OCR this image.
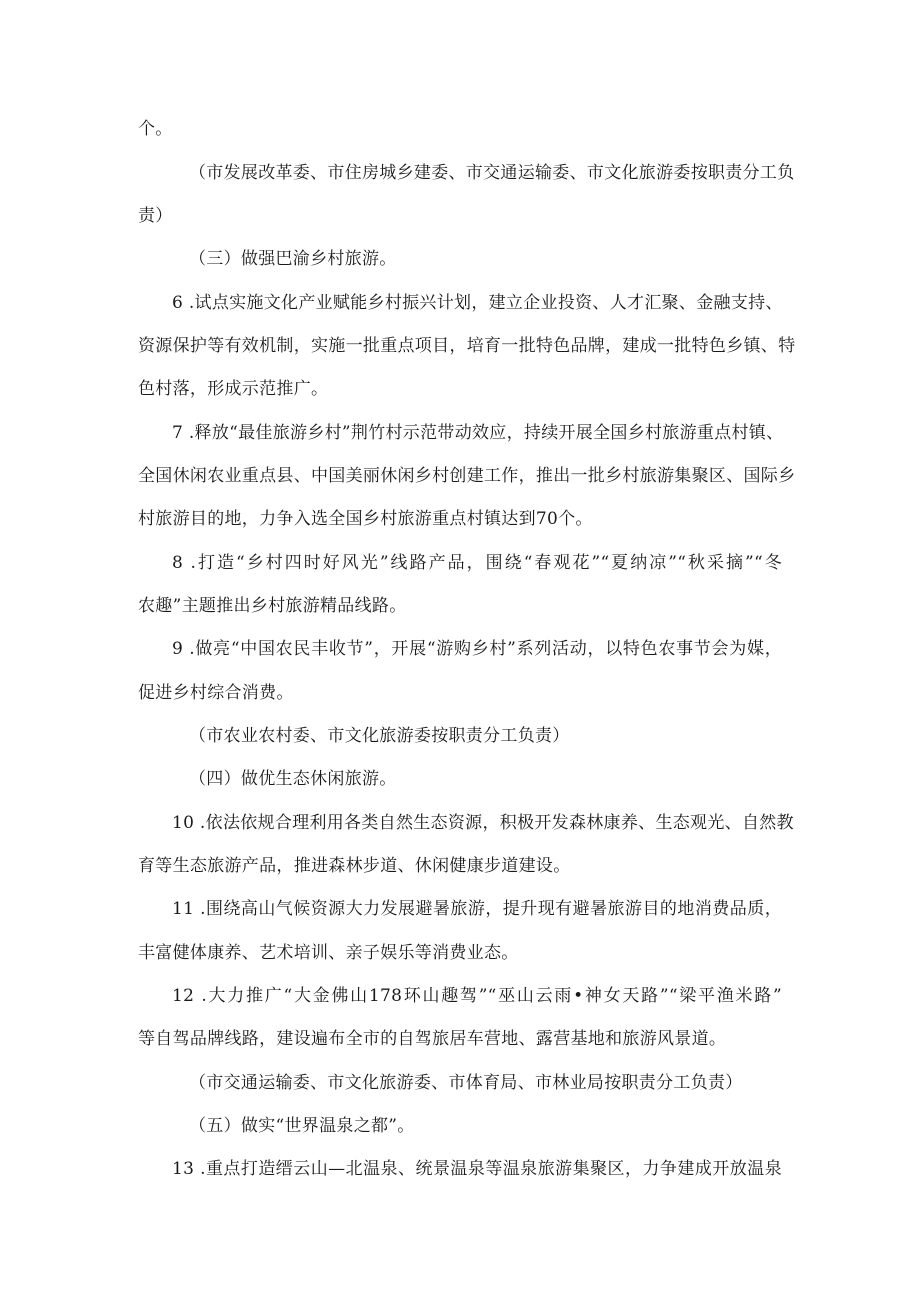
个。
（市发展改革委、市住房城乡建委、市交通运输委、市文化旅游委按职责分工负
责）
（三）做强巴渝乡村旅游。
6 .试点实施文化产业赋能乡村振兴计划，建立企业投资、人才汇聚、金融支持、
资源保护等有效机制，实施一批重点项目，培育一批特色品牌，建成一批特色乡镇、特
色村落，形成示范推广。
7 .释放“最佳旅游乡村”荆竹村示范带动效应，持续开展全国乡村旅游重点村镇、
全国休闲农业重点县、中国美丽休闲乡村创建工作，推出一批乡村旅游集聚区、国际乡
村旅游目的地，力争入选全国乡村旅游重点村镇达到70个。
8 .打造“乡村四时好风光”线路产品，围绕“春观花”“夏纳凉”“秋采摘”“冬
农趣”主题推出乡村旅游精品线路。
9 .做亮“中国农民丰收节”，开展“游购乡村”系列活动，以特色农事节会为媒，
促进乡村综合消费。
（市农业农村委、市文化旅游委按职责分工负责）
（四）做优生态休闲旅游。
10 .依法依规合理利用各类自然生态资源，积极开发森林康养、生态观光、自然教
育等生态旅游产品，推进森林步道、休闲健康步道建设。
11 .围绕高山气候资源大力发展避暑旅游，提升现有避暑旅游目的地消费品质，
丰富健体康养、艺术培训、亲子娱乐等消费业态。
12 .大力推广“大金佛山178环山趣驾”“巫山云雨•神女天路”“梁平渔米路”
等自驾品牌线路，建设遍布全市的自驾旅居车营地、露营基地和旅游风景道。
（市交通运输委、市文化旅游委、市体育局、市林业局按职责分工负责）
（五）做实“世界温泉之都”。
13 .重点打造缙云山—北温泉、统景温泉等温泉旅游集聚区，力争建成开放温泉
